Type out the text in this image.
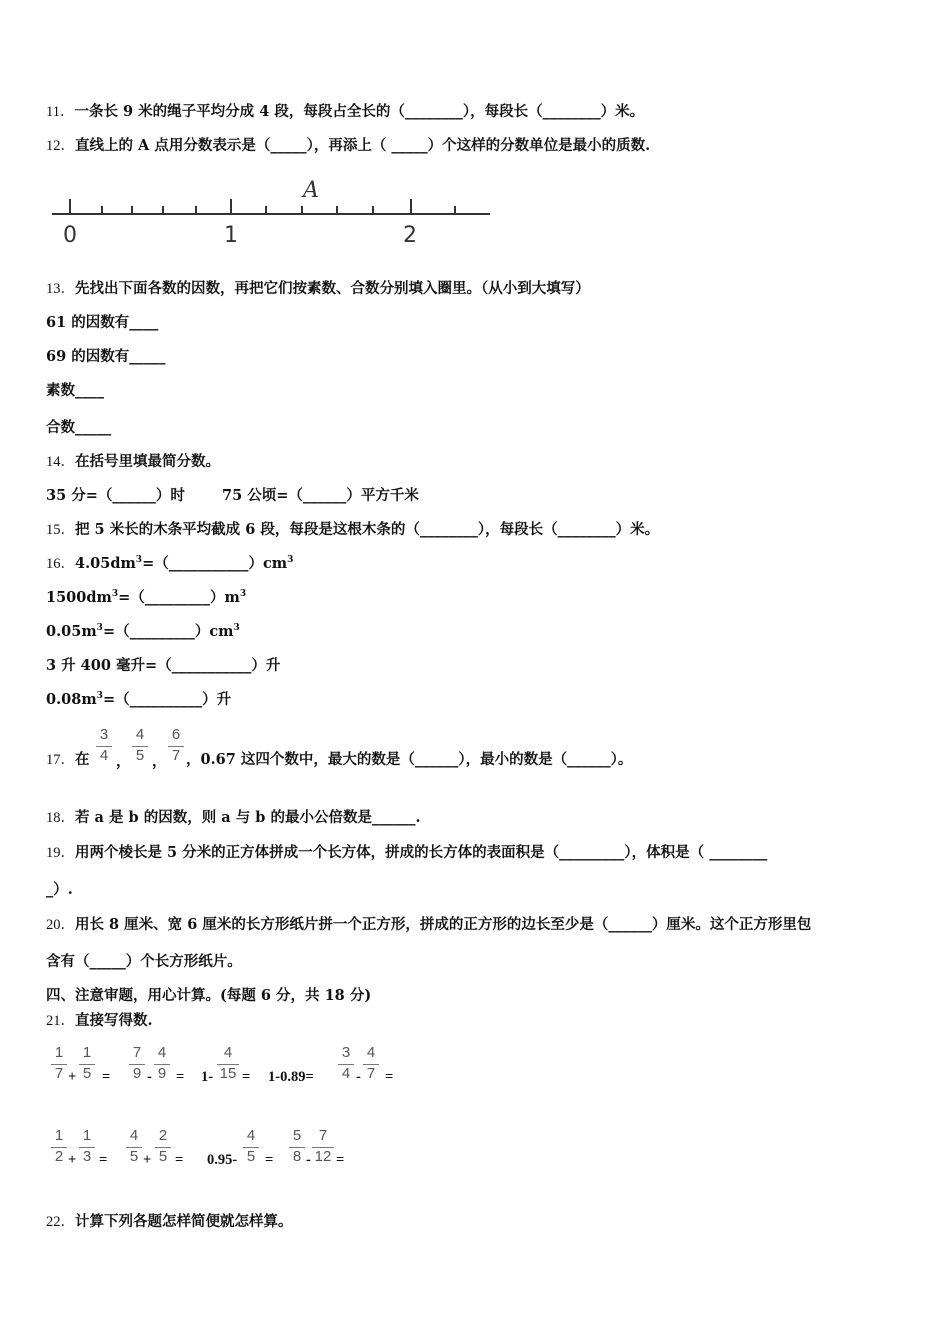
11．一条长 9 米的绳子平均分成 4 段，每段占全长的（________），每段长（________）米。
12．直线上的 A 点用分数表示是（_____），再添上（ _____）个这样的分数单位是最小的质数.
A
0	1	2
13．先找出下面各数的因数，再把它们按素数、合数分别填入圈里。（从小到大填写）
61 的因数有____
69 的因数有_____
素数____
合数_____
14．在括号里填最简分数。
35 分=（______）时	75 公顷=（______）平方千米
15．把 5 米长的木条平均截成 6 段，每段是这根木条的（________），每段长（________）米。
16．$4.05dm^3=(\_\_\_\_\_\_\_\_\_\_\_)cm^3$
$1500dm^3=(\_\_\_\_\_\_\_\_\_)m^3$
$0.05m^3=(\_\_\_\_\_\_\_\_\_)cm^3$
3 升 400 毫升=（___________）升
$0.08m^3=(\_\_\_\_\_\_\_\_\_\_)$升
17．在
3
4 ，
4
5 ，
6
7 ，0.67 这四个数中，最大的数是（______），最小的数是（______）。
18．若 a 是 b 的因数，则 a 与 b 的最小公倍数是______.
19．用两个棱长是 5 分米的正方体拼成一个长方体，拼成的长方体的表面积是（_________），体积是（ ________
_）.
20．用长 8 厘米、宽 6 厘米的长方形纸片拼一个正方形，拼成的正方形的边长至少是（______）厘米。这个正方形里包
含有（_____）个长方形纸片。
四、注意审题，用心计算。(每题 6 分，共 18 分)
21．直接写得数.
1
7 +
1
5 =
7
9 -
4
9 = 1-
4
15 = 1-0.89=
3
4 -
4
7 =
1
2 +
1
3 =
4
5 +
2
5 = 0.95-
4
5 =
5
8 -
7
12 =
22．计算下列各题怎样简便就怎样算。
